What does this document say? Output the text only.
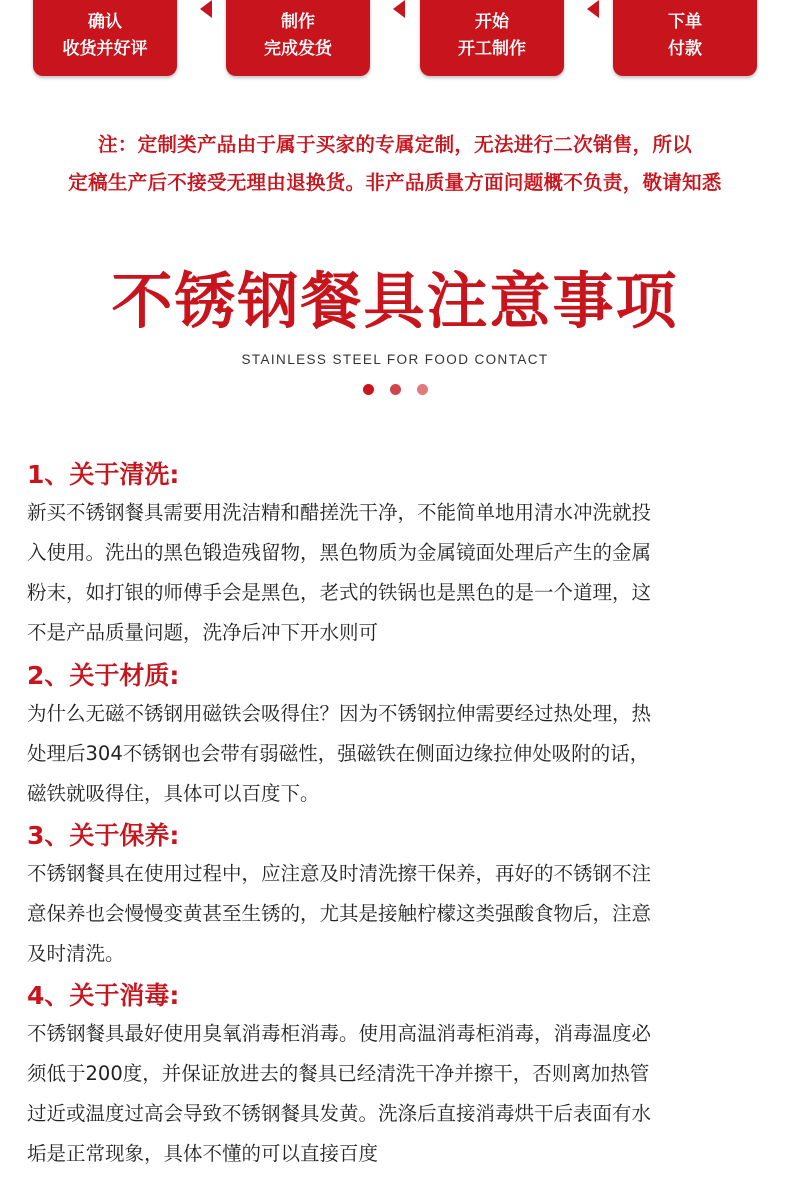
确认
收货并好评
制作
完成发货
开始
开工制作
下单
付款
注：定制类产品由于属于买家的专属定制，无法进行二次销售，所以
定稿生产后不接受无理由退换货。非产品质量方面问题概不负责，敬请知悉
不锈钢餐具注意事项
STAINLESS STEEL FOR FOOD CONTACT
1、关于清洗:
新买不锈钢餐具需要用洗洁精和醋搓洗干净，不能简单地用清水冲洗就投
入使用。洗出的黑色锻造残留物，黑色物质为金属镜面处理后产生的金属
粉末，如打银的师傅手会是黑色，老式的铁锅也是黑色的是一个道理，这
不是产品质量问题，洗净后冲下开水则可
2、关于材质:
为什么无磁不锈钢用磁铁会吸得住？因为不锈钢拉伸需要经过热处理，热
处理后304不锈钢也会带有弱磁性，强磁铁在侧面边缘拉伸处吸附的话，
磁铁就吸得住，具体可以百度下。
3、关于保养:
不锈钢餐具在使用过程中，应注意及时清洗擦干保养，再好的不锈钢不注
意保养也会慢慢变黄甚至生锈的，尤其是接触柠檬这类强酸食物后，注意
及时清洗。
4、关于消毒:
不锈钢餐具最好使用臭氧消毒柜消毒。使用高温消毒柜消毒，消毒温度必
须低于200度，并保证放进去的餐具已经清洗干净并擦干，否则离加热管
过近或温度过高会导致不锈钢餐具发黄。洗涤后直接消毒烘干后表面有水
垢是正常现象，具体不懂的可以直接百度
